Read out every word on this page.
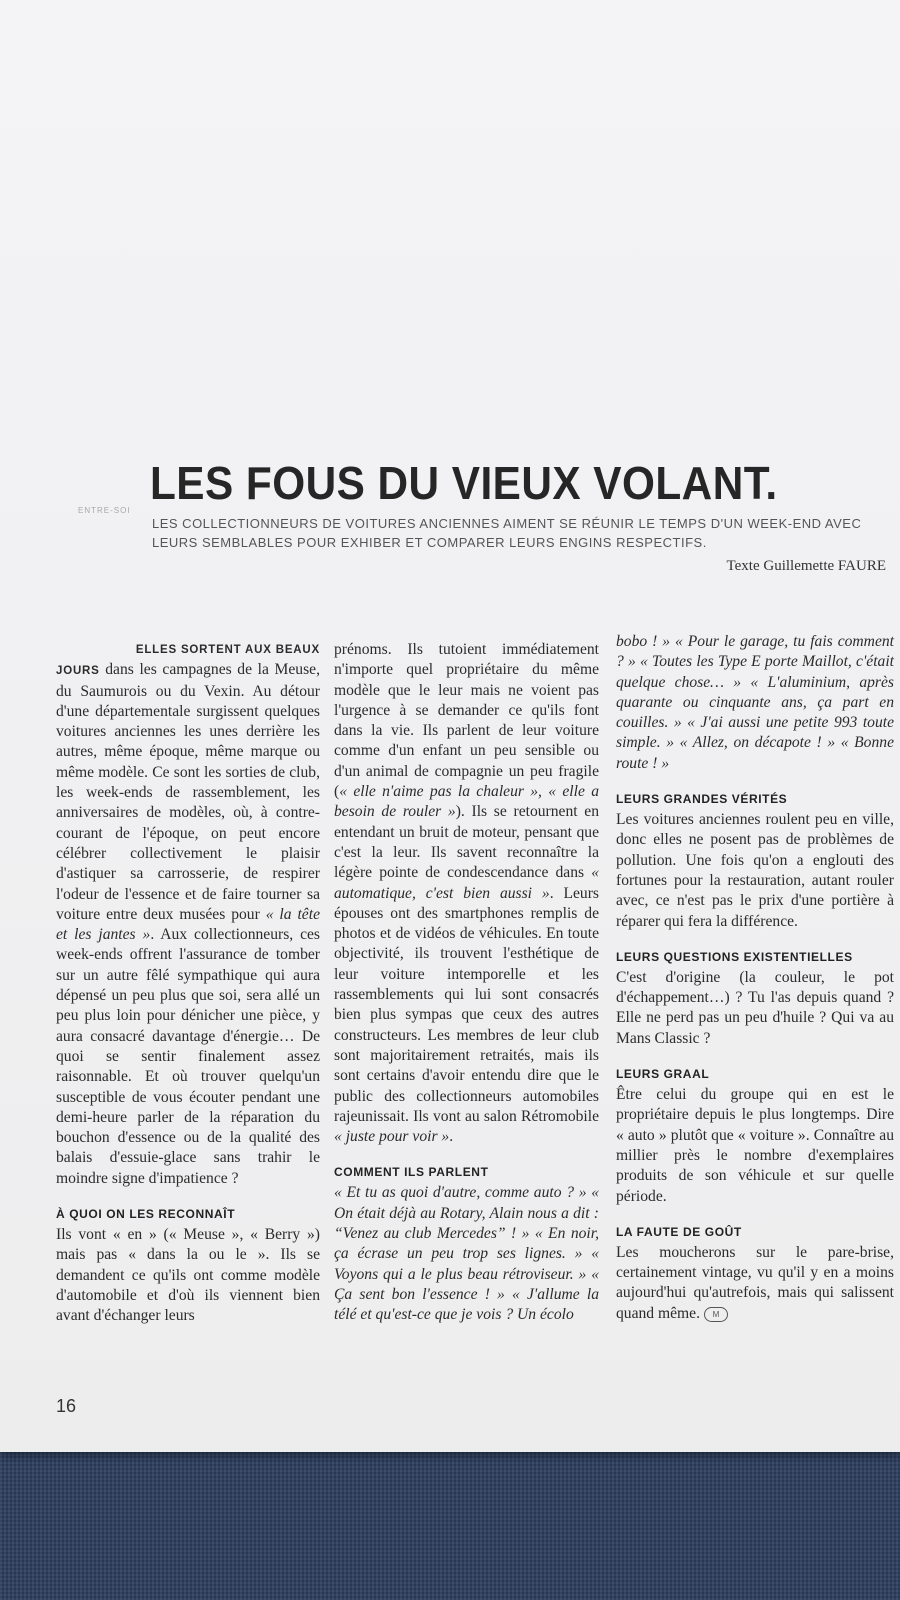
ENTRE-SOI
LES FOUS DU VIEUX VOLANT.
LES COLLECTIONNEURS DE VOITURES ANCIENNES AIMENT SE RÉUNIR LE TEMPS D'UN WEEK-END AVEC LEURS SEMBLABLES POUR EXHIBER ET COMPARER LEURS ENGINS RESPECTIFS.
Texte Guillemette FAURE

ELLES SORTENT AUX BEAUX
JOURS dans les campagnes de la Meuse, du Saumurois ou du Vexin. Au détour d'une départementale surgissent quelques voitures anciennes les unes derrière les autres, même époque, même marque ou même modèle. Ce sont les sorties de club, les week-ends de rassemblement, les anniversaires de modèles, où, à contre-courant de l'époque, on peut encore célébrer collectivement le plaisir d'astiquer sa carrosserie, de respirer l'odeur de l'essence et de faire tourner sa voiture entre deux musées pour « la tête et les jantes ». Aux collectionneurs, ces week-ends offrent l'assurance de tomber sur un autre fêlé sympathique qui aura dépensé un peu plus que soi, sera allé un peu plus loin pour dénicher une pièce, y aura consacré davantage d'énergie… De quoi se sentir finalement assez raisonnable. Et où trouver quelqu'un susceptible de vous écouter pendant une demi-heure parler de la réparation du bouchon d'essence ou de la qualité des balais d'essuie-glace sans trahir le moindre signe d'impatience ?

À QUOI ON LES RECONNAÎT

Ils vont « en » (« Meuse », « Berry ») mais pas « dans la ou le ». Ils se demandent ce qu'ils ont comme modèle d'automobile et d'où ils viennent bien avant d'échanger leurs

prénoms. Ils tutoient immédiatement n'importe quel propriétaire du même modèle que le leur mais ne voient pas l'urgence à se demander ce qu'ils font dans la vie. Ils parlent de leur voiture comme d'un enfant un peu sensible ou d'un animal de compagnie un peu fragile (« elle n'aime pas la chaleur », « elle a besoin de rouler »). Ils se retournent en entendant un bruit de moteur, pensant que c'est la leur. Ils savent reconnaître la légère pointe de condescendance dans « automatique, c'est bien aussi ». Leurs épouses ont des smartphones remplis de photos et de vidéos de véhicules. En toute objectivité, ils trouvent l'esthétique de leur voiture intemporelle et les rassemblements qui lui sont consacrés bien plus sympas que ceux des autres constructeurs. Les membres de leur club sont majoritairement retraités, mais ils sont certains d'avoir entendu dire que le public des collectionneurs automobiles rajeunissait. Ils vont au salon Rétromobile « juste pour voir ».

COMMENT ILS PARLENT

« Et tu as quoi d'autre, comme auto ? » « On était déjà au Rotary, Alain nous a dit : “Venez au club Mercedes” ! » « En noir, ça écrase un peu trop ses lignes. » « Voyons qui a le plus beau rétroviseur. » « Ça sent bon l'essence ! » « J'allume la télé et qu'est-ce que je vois ? Un écolo

bobo ! » « Pour le garage, tu fais comment ? » « Toutes les Type E porte Maillot, c'était quelque chose… » « L'aluminium, après quarante ou cinquante ans, ça part en couilles. » « J'ai aussi une petite 993 toute simple. » « Allez, on décapote ! » « Bonne route ! »

LEURS GRANDES VÉRITÉS

Les voitures anciennes roulent peu en ville, donc elles ne posent pas de problèmes de pollution. Une fois qu'on a englouti des fortunes pour la restauration, autant rouler avec, ce n'est pas le prix d'une portière à réparer qui fera la différence.

LEURS QUESTIONS EXISTENTIELLES

C'est d'origine (la couleur, le pot d'échappement…) ? Tu l'as depuis quand ? Elle ne perd pas un peu d'huile ? Qui va au Mans Classic ?

LEURS GRAAL

Être celui du groupe qui en est le propriétaire depuis le plus longtemps. Dire « auto » plutôt que « voiture ». Connaître au millier près le nombre d'exemplaires produits de son véhicule et sur quelle période.

LA FAUTE DE GOÛT

Les moucherons sur le pare-brise, certainement vintage, vu qu'il y en a moins aujourd'hui qu'autrefois, mais qui salissent quand même. M

16
